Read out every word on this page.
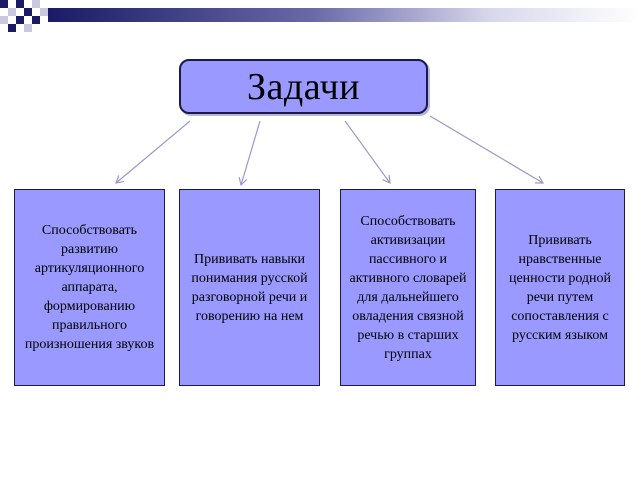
Задачи
Способствовать развитию артикуляционного аппарата, формированию правильного произношения звуков
Прививать навыки понимания русской разговорной речи и говорению на нем
Способствовать активизации пассивного и активного словарей для дальнейшего овладения связной речью в старших группах
Прививать нравственные ценности родной речи путем сопоставления с русским языком
